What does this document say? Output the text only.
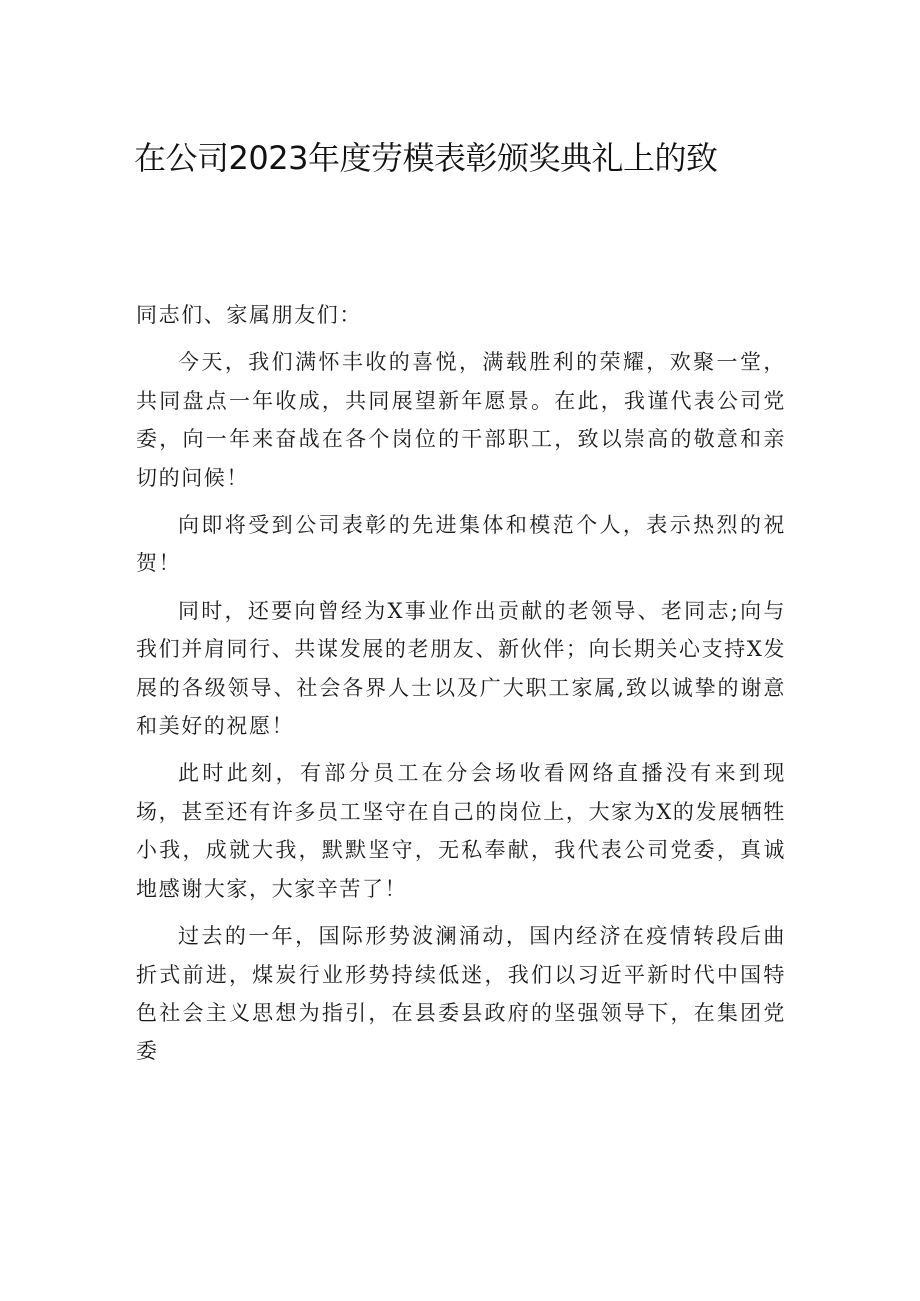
在公司2023年度劳模表彰颁奖典礼上的致

同志们、家属朋友们：

今天，我们满怀丰收的喜悦，满载胜利的荣耀，欢聚一堂，共同盘点一年收成，共同展望新年愿景。在此，我谨代表公司党委，向一年来奋战在各个岗位的干部职工，致以崇高的敬意和亲切的问候！

向即将受到公司表彰的先进集体和模范个人，表示热烈的祝贺！

同时，还要向曾经为X事业作出贡献的老领导、老同志;向与我们并肩同行、共谋发展的老朋友、新伙伴；向长期关心支持X发展的各级领导、社会各界人士以及广大职工家属,致以诚挚的谢意和美好的祝愿！

此时此刻，有部分员工在分会场收看网络直播没有来到现场，甚至还有许多员工坚守在自己的岗位上，大家为X的发展牺牲小我，成就大我，默默坚守，无私奉献，我代表公司党委，真诚地感谢大家，大家辛苦了！

过去的一年，国际形势波澜涌动，国内经济在疫情转段后曲折式前进，煤炭行业形势持续低迷，我们以习近平新时代中国特色社会主义思想为指引，在县委县政府的坚强领导下，在集团党委
